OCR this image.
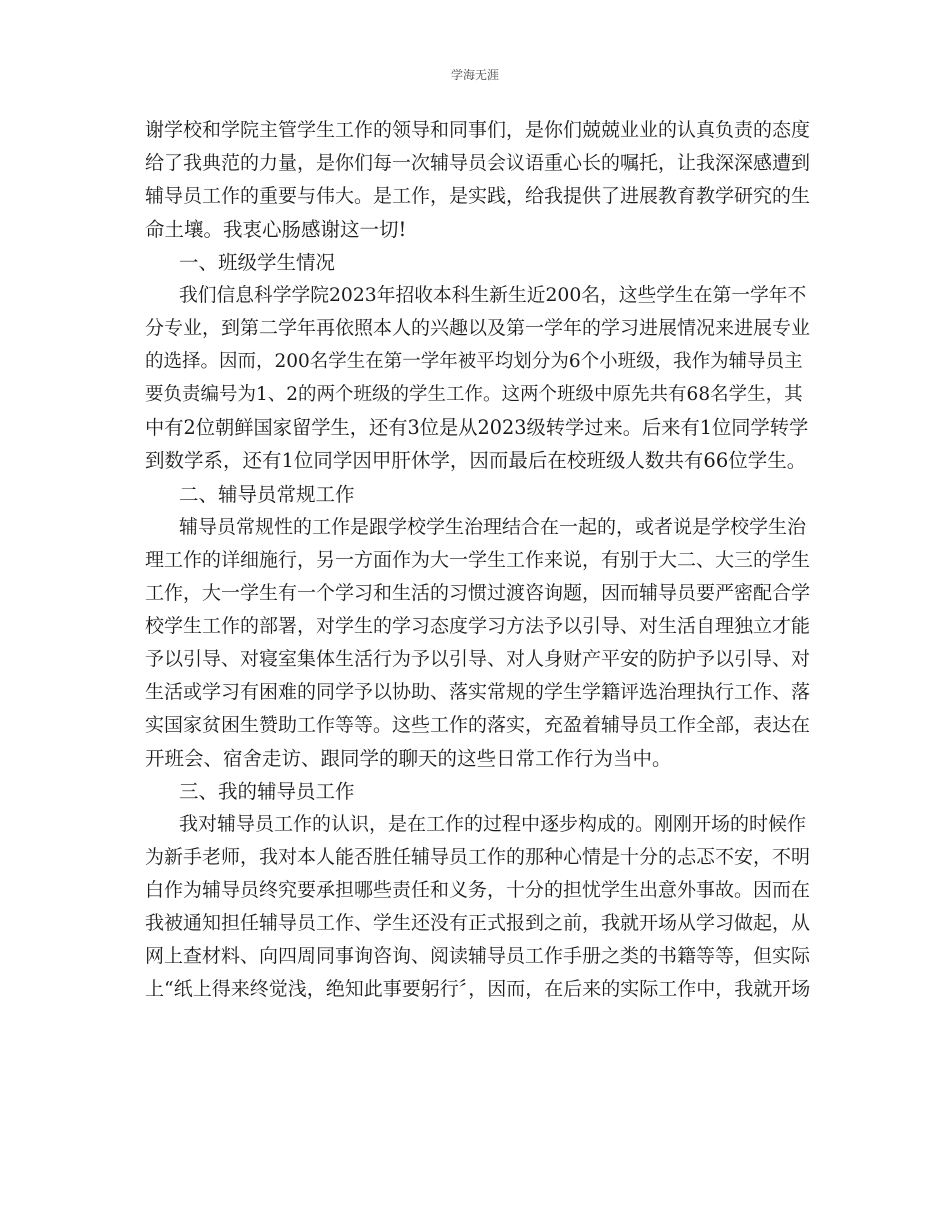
学海无涯
谢学校和学院主管学生工作的领导和同事们，是你们兢兢业业的认真负责的态度
给了我典范的力量，是你们每一次辅导员会议语重心长的嘱托，让我深深感遭到
辅导员工作的重要与伟大。是工作，是实践，给我提供了进展教育教学研究的生
命土壤。我衷心肠感谢这一切!
一、班级学生情况
我们信息科学学院2023年招收本科生新生近200名，这些学生在第一学年不
分专业，到第二学年再依照本人的兴趣以及第一学年的学习进展情况来进展专业
的选择。因而，200名学生在第一学年被平均划分为6个小班级，我作为辅导员主
要负责编号为1、2的两个班级的学生工作。这两个班级中原先共有68名学生，其
中有2位朝鲜国家留学生，还有3位是从2023级转学过来。后来有1位同学转学
到数学系，还有1位同学因甲肝休学，因而最后在校班级人数共有66位学生。
二、辅导员常规工作
辅导员常规性的工作是跟学校学生治理结合在一起的，或者说是学校学生治
理工作的详细施行，另一方面作为大一学生工作来说，有别于大二、大三的学生
工作，大一学生有一个学习和生活的习惯过渡咨询题，因而辅导员要严密配合学
校学生工作的部署，对学生的学习态度学习方法予以引导、对生活自理独立才能
予以引导、对寝室集体生活行为予以引导、对人身财产平安的防护予以引导、对
生活或学习有困难的同学予以协助、落实常规的学生学籍评选治理执行工作、落
实国家贫困生赞助工作等等。这些工作的落实，充盈着辅导员工作全部，表达在
开班会、宿舍走访、跟同学的聊天的这些日常工作行为当中。
三、我的辅导员工作
我对辅导员工作的认识，是在工作的过程中逐步构成的。刚刚开场的时候作
为新手老师，我对本人能否胜任辅导员工作的那种心情是十分的忐忑不安，不明
白作为辅导员终究要承担哪些责任和义务，十分的担忧学生出意外事故。因而在
我被通知担任辅导员工作、学生还没有正式报到之前，我就开场从学习做起，从
网上查材料、向四周同事询咨询、阅读辅导员工作手册之类的书籍等等，但实际
上“纸上得来终觉浅，绝知此事要躬行〞，因而，在后来的实际工作中，我就开场
